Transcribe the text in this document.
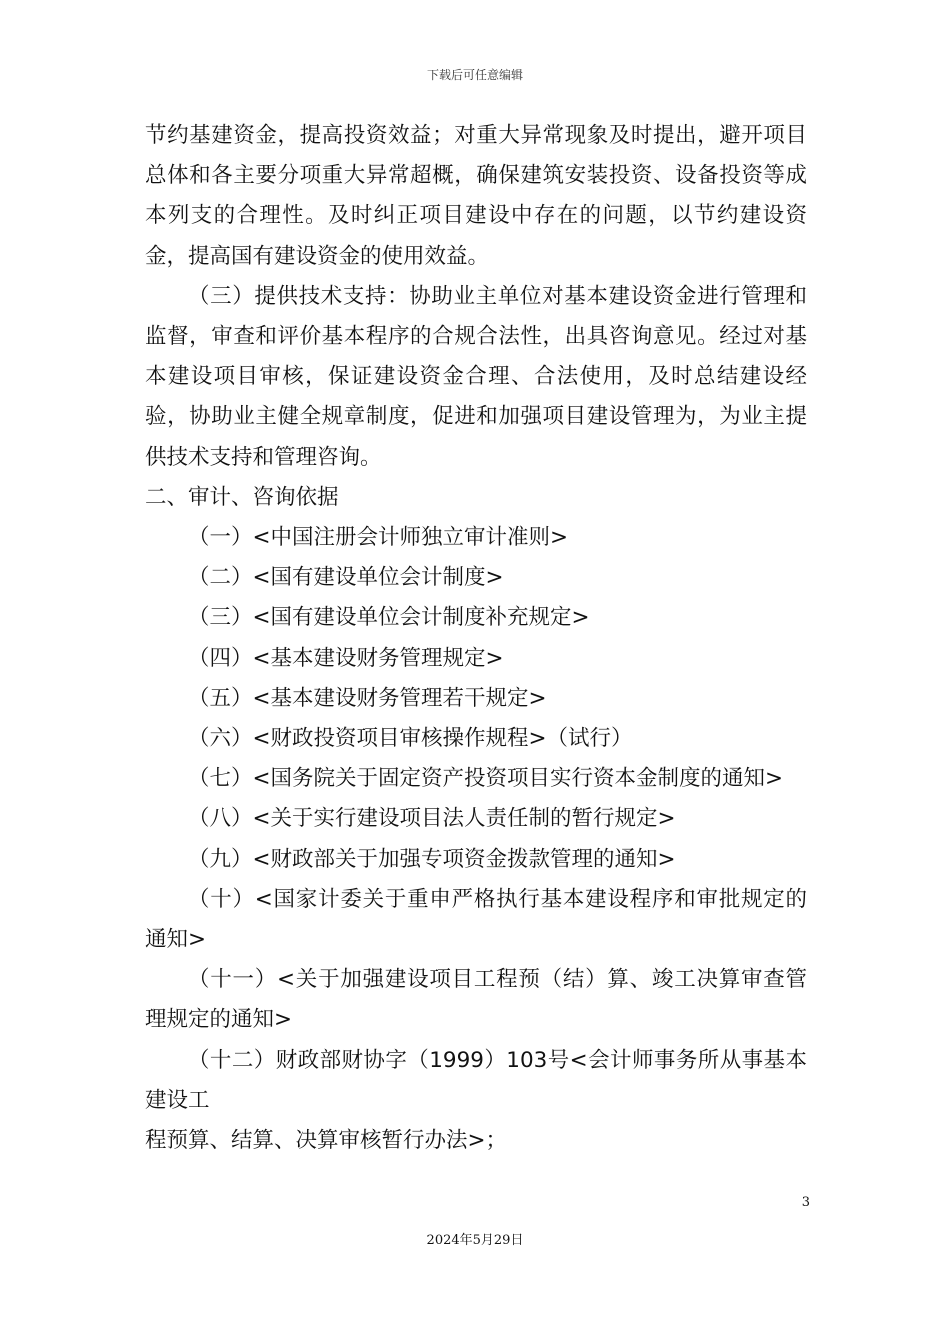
下载后可任意编辑

节约基建资金，提高投资效益；对重大异常现象及时提出，避开项目总体和各主要分项重大异常超概，确保建筑安装投资、设备投资等成本列支的合理性。及时纠正项目建设中存在的问题，以节约建设资金，提高国有建设资金的使用效益。

（三）提供技术支持：协助业主单位对基本建设资金进行管理和监督，审查和评价基本程序的合规合法性，出具咨询意见。经过对基本建设项目审核，保证建设资金合理、合法使用，及时总结建设经验，协助业主健全规章制度，促进和加强项目建设管理为，为业主提供技术支持和管理咨询。

二、审计、咨询依据

（一）<中国注册会计师独立审计准则>

（二）<国有建设单位会计制度>

（三）<国有建设单位会计制度补充规定>

（四）<基本建设财务管理规定>

（五）<基本建设财务管理若干规定>

（六）<财政投资项目审核操作规程>（试行）

（七）<国务院关于固定资产投资项目实行资本金制度的通知>

（八）<关于实行建设项目法人责任制的暂行规定>

（九）<财政部关于加强专项资金拨款管理的通知>

（十）<国家计委关于重申严格执行基本建设程序和审批规定的通知>

（十一）<关于加强建设项目工程预（结）算、竣工决算审查管理规定的通知>

（十二）财政部财协字（1999）103号<会计师事务所从事基本建设工

程预算、结算、决算审核暂行办法>；

3
2024年5月29日
